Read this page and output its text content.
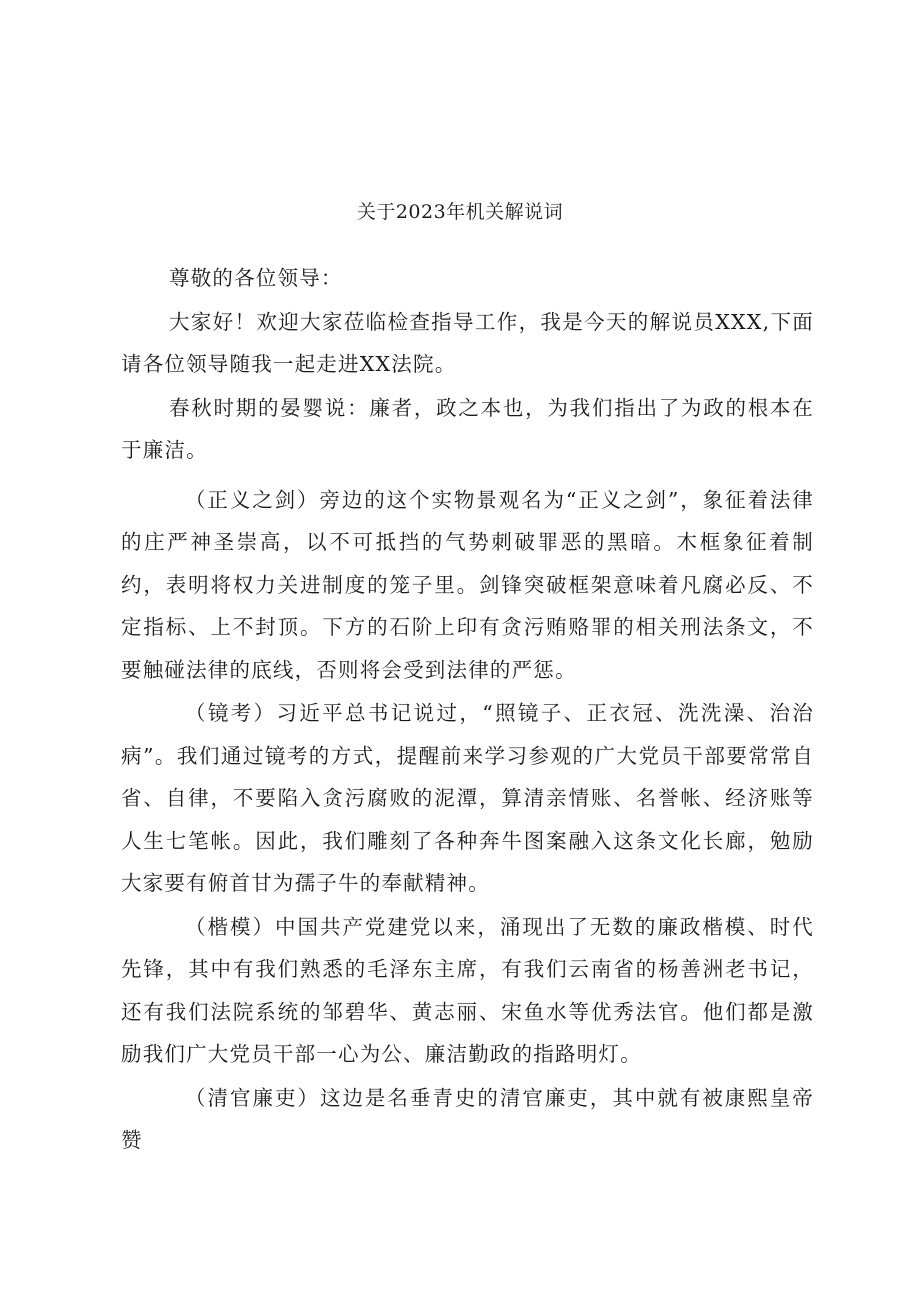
关于2023年机关解说词

尊敬的各位领导：

大家好！欢迎大家莅临检查指导工作，我是今天的解说员XXX,下面请各位领导随我一起走进XX法院。

春秋时期的晏婴说：廉者，政之本也，为我们指出了为政的根本在于廉洁。

（正义之剑）旁边的这个实物景观名为“正义之剑”，象征着法律的庄严神圣崇高，以不可抵挡的气势刺破罪恶的黑暗。木框象征着制约，表明将权力关进制度的笼子里。剑锋突破框架意味着凡腐必反、不定指标、上不封顶。下方的石阶上印有贪污贿赂罪的相关刑法条文，不要触碰法律的底线，否则将会受到法律的严惩。

（镜考）习近平总书记说过，“照镜子、正衣冠、洗洗澡、治治病”。我们通过镜考的方式，提醒前来学习参观的广大党员干部要常常自省、自律，不要陷入贪污腐败的泥潭，算清亲情账、名誉帐、经济账等人生七笔帐。因此，我们雕刻了各种奔牛图案融入这条文化长廊，勉励大家要有俯首甘为孺子牛的奉献精神。

（楷模）中国共产党建党以来，涌现出了无数的廉政楷模、时代先锋，其中有我们熟悉的毛泽东主席，有我们云南省的杨善洲老书记，还有我们法院系统的邹碧华、黄志丽、宋鱼水等优秀法官。他们都是激励我们广大党员干部一心为公、廉洁勤政的指路明灯。

（清官廉吏）这边是名垂青史的清官廉吏，其中就有被康熙皇帝赞
